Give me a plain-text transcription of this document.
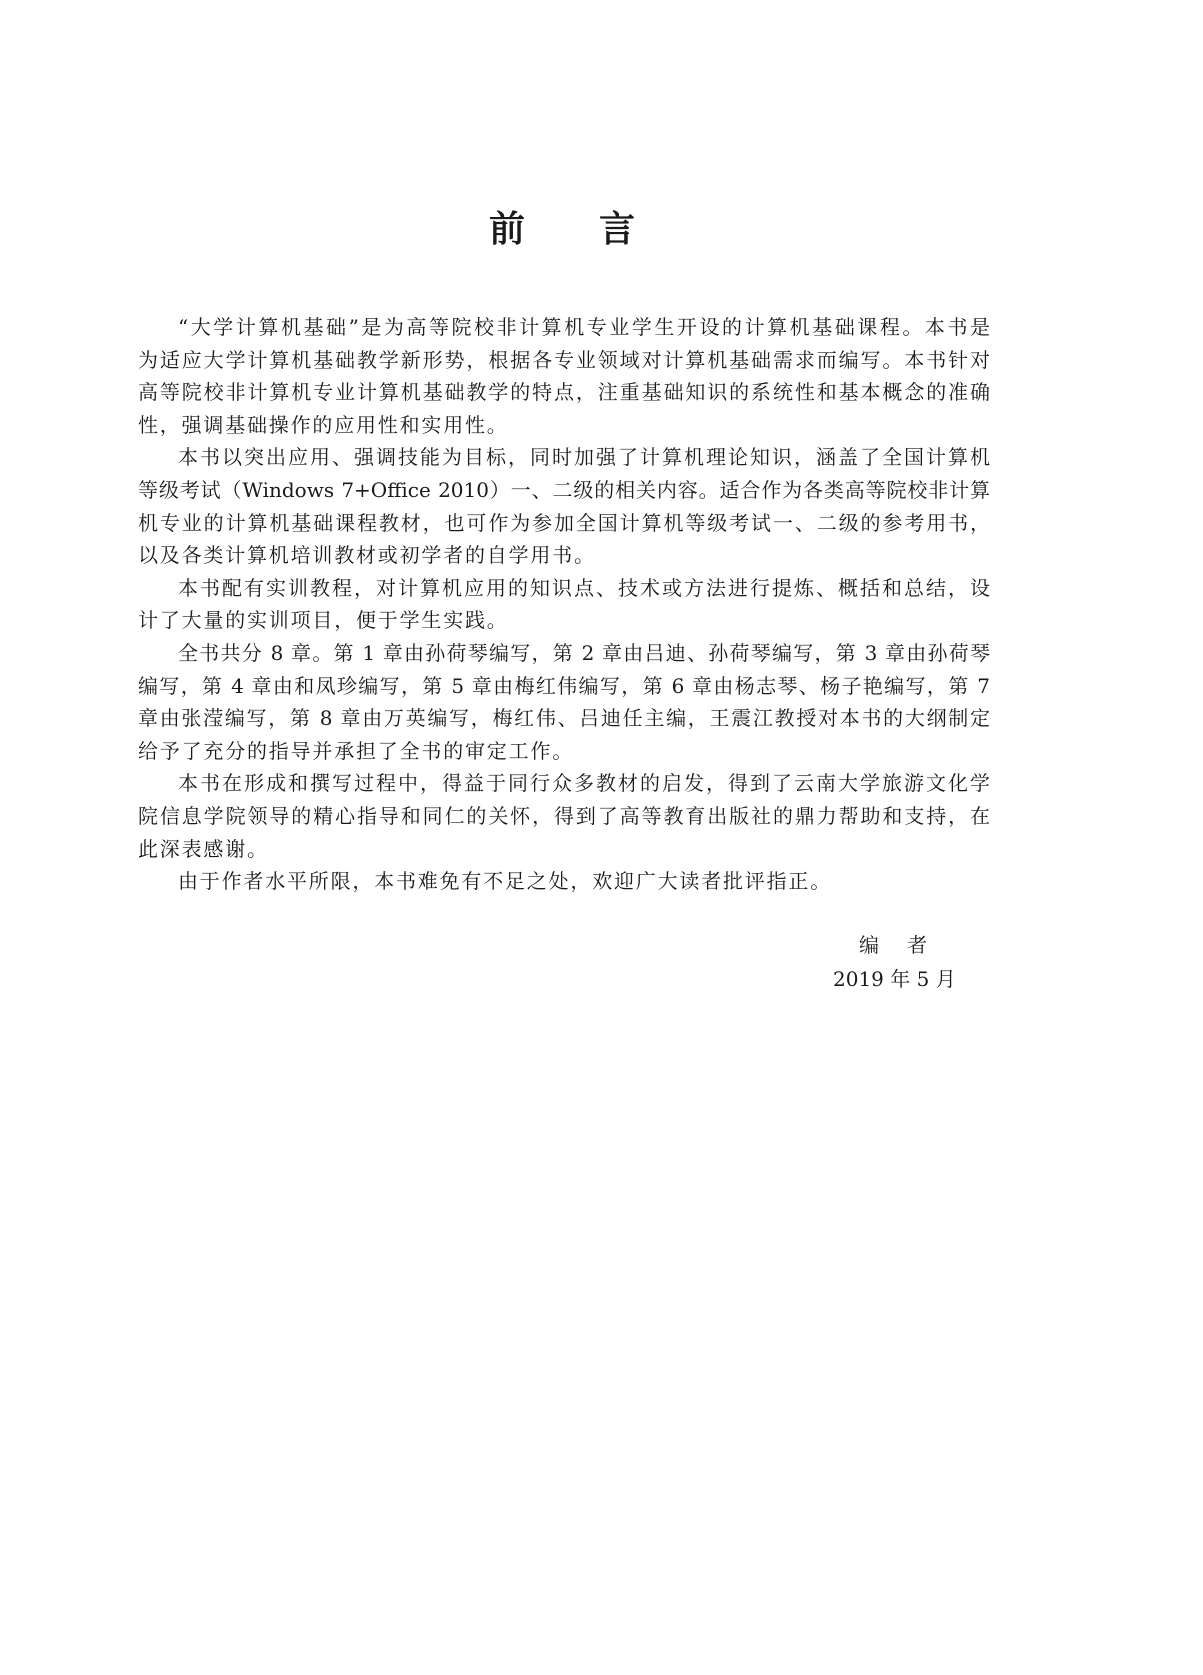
前　言
“大学计算机基础”是为高等院校非计算机专业学生开设的计算机基础课程。本书是
为适应大学计算机基础教学新形势，根据各专业领域对计算机基础需求而编写。本书针对
高等院校非计算机专业计算机基础教学的特点，注重基础知识的系统性和基本概念的准确
性，强调基础操作的应用性和实用性。
本书以突出应用、强调技能为目标，同时加强了计算机理论知识，涵盖了全国计算机
等级考试（Windows 7+Office 2010）一、二级的相关内容。适合作为各类高等院校非计算
机专业的计算机基础课程教材，也可作为参加全国计算机等级考试一、二级的参考用书，
以及各类计算机培训教材或初学者的自学用书。
本书配有实训教程，对计算机应用的知识点、技术或方法进行提炼、概括和总结，设
计了大量的实训项目，便于学生实践。
全书共分 8 章。第 1 章由孙荷琴编写，第 2 章由吕迪、孙荷琴编写，第 3 章由孙荷琴
编写，第 4 章由和凤珍编写，第 5 章由梅红伟编写，第 6 章由杨志琴、杨子艳编写，第 7
章由张滢编写，第 8 章由万英编写，梅红伟、吕迪任主编，王震江教授对本书的大纲制定
给予了充分的指导并承担了全书的审定工作。
本书在形成和撰写过程中，得益于同行众多教材的启发，得到了云南大学旅游文化学
院信息学院领导的精心指导和同仁的关怀，得到了高等教育出版社的鼎力帮助和支持，在
此深表感谢。
由于作者水平所限，本书难免有不足之处，欢迎广大读者批评指正。
编　者
2019 年 5 月
